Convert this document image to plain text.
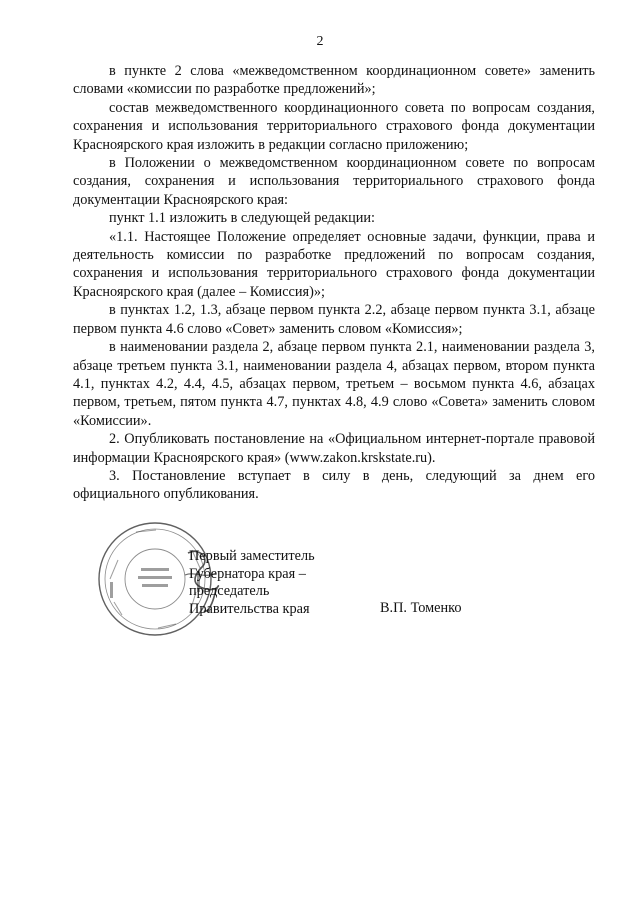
2

в пункте 2 слова «межведомственном координационном совете» заменить словами «комиссии по разработке предложений»;

состав межведомственного координационного совета по вопросам создания, сохранения и использования территориального страхового фонда документации Красноярского края изложить в редакции согласно приложению;

в Положении о межведомственном координационном совете по вопросам создания, сохранения и использования территориального страхового фонда документации Красноярского края:

пункт 1.1 изложить в следующей редакции:

«1.1. Настоящее Положение определяет основные задачи, функции, права и деятельность комиссии по разработке предложений по вопросам создания, сохранения и использования территориального страхового фонда документации Красноярского края (далее – Комиссия)»;

в пунктах 1.2, 1.3, абзаце первом пункта 2.2, абзаце первом пункта 3.1, абзаце первом пункта 4.6 слово «Совет» заменить словом «Комиссия»;

в наименовании раздела 2, абзаце первом пункта 2.1, наименовании раздела 3, абзаце третьем пункта 3.1, наименовании раздела 4, абзацах первом, втором пункта 4.1, пунктах 4.2, 4.4, 4.5, абзацах первом, третьем – восьмом пункта 4.6, абзацах первом, третьем, пятом пункта 4.7, пунктах 4.8, 4.9 слово «Совета» заменить словом «Комиссии».

2. Опубликовать постановление на «Официальном интернет-портале правовой информации Красноярского края» (www.zakon.krskstate.ru).

3. Постановление вступает в силу в день, следующий за днем его официального опубликования.

Первый заместитель
Губернатора края –
председатель
Правительства края	В.П. Томенко
